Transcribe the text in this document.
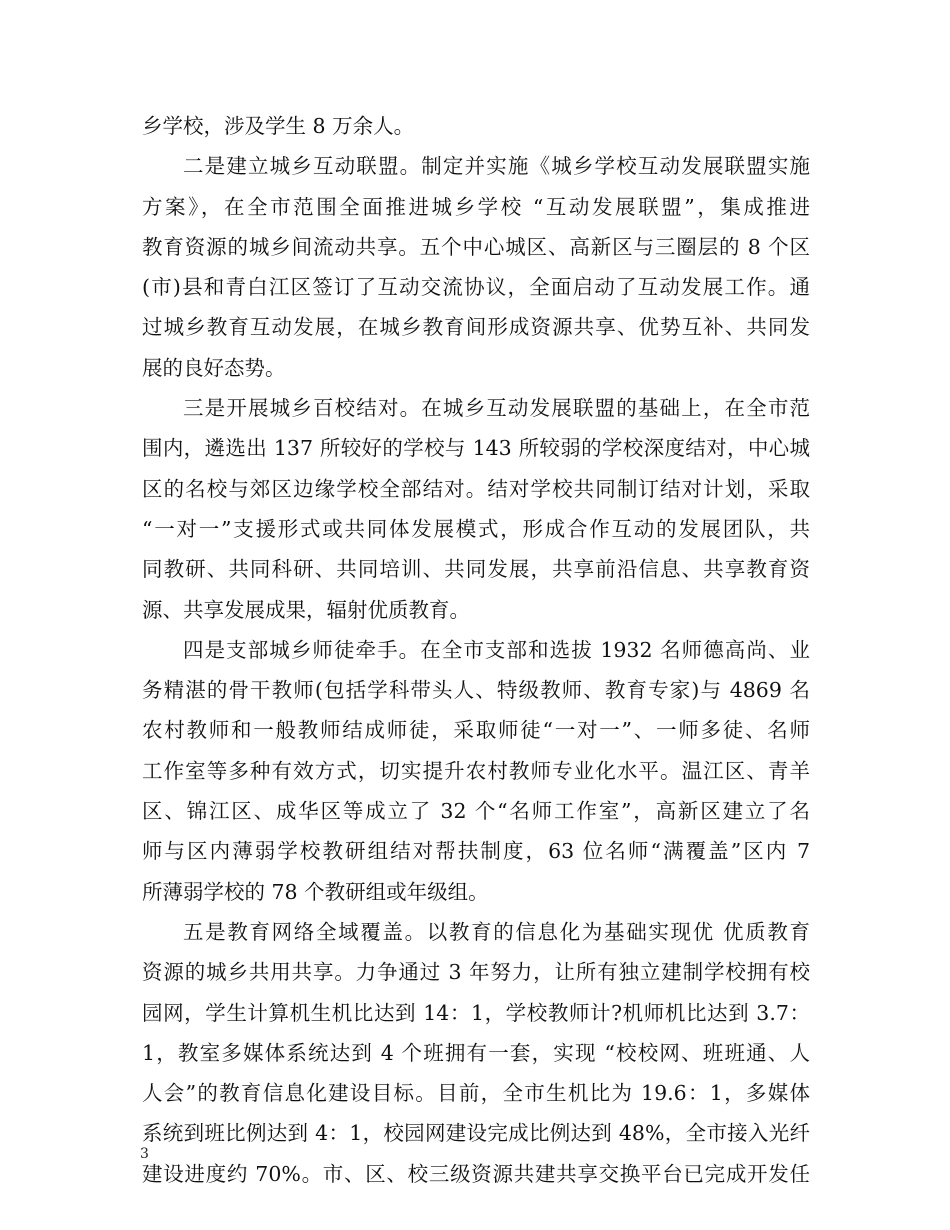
乡学校，涉及学生 8 万余人。
二是建立城乡互动联盟。制定并实施《城乡学校互动发展联盟实施
方案》，在全市范围全面推进城乡学校 “互动发展联盟”，集成推进
教育资源的城乡间流动共享。五个中心城区、高新区与三圈层的 8 个区
(市)县和青白江区签订了互动交流协议，全面启动了互动发展工作。通
过城乡教育互动发展，在城乡教育间形成资源共享、优势互补、共同发
展的良好态势。
三是开展城乡百校结对。在城乡互动发展联盟的基础上，在全市范
围内，遴选出 137 所较好的学校与 143 所较弱的学校深度结对，中心城
区的名校与郊区边缘学校全部结对。结对学校共同制订结对计划，采取
“一对一”支援形式或共同体发展模式，形成合作互动的发展团队，共
同教研、共同科研、共同培训、共同发展，共享前沿信息、共享教育资
源、共享发展成果，辐射优质教育。
四是支部城乡师徒牵手。在全市支部和选拔 1932 名师德高尚、业
务精湛的骨干教师(包括学科带头人、特级教师、教育专家)与 4869 名
农村教师和一般教师结成师徒，采取师徒“一对一”、一师多徒、名师
工作室等多种有效方式，切实提升农村教师专业化水平。温江区、青羊
区、锦江区、成华区等成立了 32 个“名师工作室”，高新区建立了名
师与区内薄弱学校教研组结对帮扶制度，63 位名师“满覆盖”区内 7
所薄弱学校的 78 个教研组或年级组。
五是教育网络全域覆盖。以教育的信息化为基础实现优 优质教育
资源的城乡共用共享。力争通过 3 年努力，让所有独立建制学校拥有校
园网，学生计算机生机比达到 14：1，学校教师计?机师机比达到 3.7：
1，教室多媒体系统达到 4 个班拥有一套，实现 “校校网、班班通、人
人会”的教育信息化建设目标。目前，全市生机比为 19.6：1，多媒体
系统到班比例达到 4：1，校园网建设完成比例达到 48%，全市接入光纤
建设进度约 70%。市、区、校三级资源共建共享交换平台已完成开发任
3
